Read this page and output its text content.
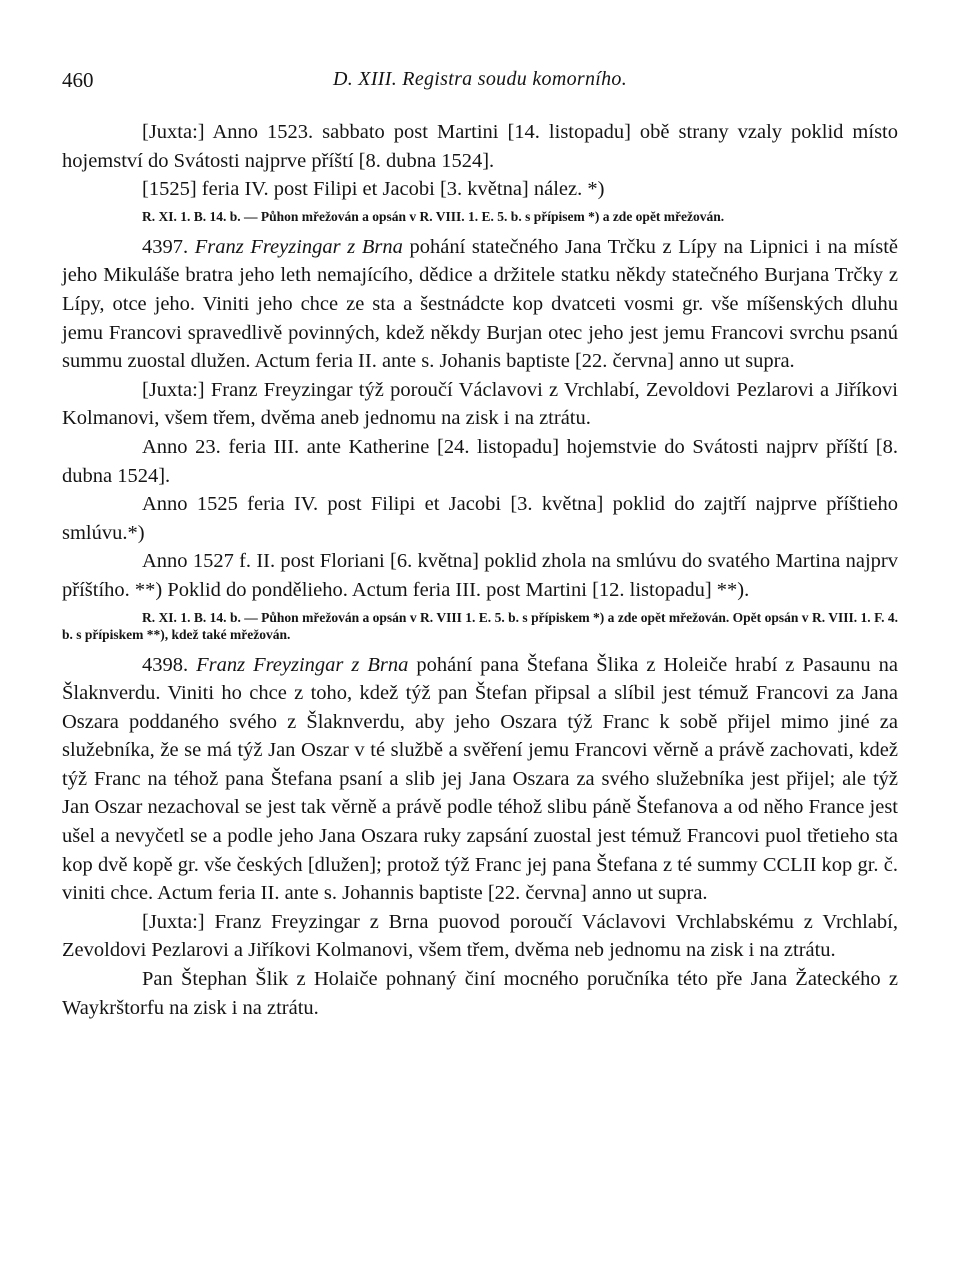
460	D. XIII. Registra soudu komorního.

[Juxta:] Anno 1523. sabbato post Martini [14. listopadu] obě strany vzaly poklid místo hojemství do Svátosti najprve příští [8. dubna 1524].

[1525] feria IV. post Filipi et Jacobi [3. května] nález. *)

R. XI. 1. B. 14. b. — Půhon mřežován a opsán v R. VIII. 1. E. 5. b. s přípisem *) a zde opět mřežován.

4397. Franz Freyzingar z Brna pohání statečného Jana Trčku z Lípy na Lipnici i na místě jeho Mikuláše bratra jeho leth nemajícího, dědice a držitele statku někdy statečného Burjana Trčky z Lípy, otce jeho. Viniti jeho chce ze sta a šestnádcte kop dvatceti vosmi gr. vše míšenských dluhu jemu Francovi spravedlivě povinných, kdež někdy Burjan otec jeho jest jemu Francovi svrchu psanú summu zuostal dlužen. Actum feria II. ante s. Johanis baptiste [22. června] anno ut supra.

[Juxta:] Franz Freyzingar týž poroučí Václavovi z Vrchlabí, Zevoldovi Pezlarovi a Jiříkovi Kolmanovi, všem třem, dvěma aneb jednomu na zisk i na ztrátu.

Anno 23. feria III. ante Katherine [24. listopadu] hojemstvie do Svátosti najprv příští [8. dubna 1524].

Anno 1525 feria IV. post Filipi et Jacobi [3. května] poklid do zajtří najprve příštieho smlúvu.*)

Anno 1527 f. II. post Floriani [6. května] poklid zhola na smlúvu do svatého Martina najprv příštího. **) Poklid do pondělieho. Actum feria III. post Martini [12. listopadu] **).

R. XI. 1. B. 14. b. — Půhon mřežován a opsán v R. VIII 1. E. 5. b. s přípiskem *) a zde opět mřežován. Opět opsán v R. VIII. 1. F. 4. b. s přípiskem **), kdež také mřežován.

4398. Franz Freyzingar z Brna pohání pana Štefana Šlika z Holeiče hrabí z Pasaunu na Šlaknverdu. Viniti ho chce z toho, kdež týž pan Štefan připsal a slíbil jest témuž Francovi za Jana Oszara poddaného svého z Šlaknverdu, aby jeho Oszara týž Franc k sobě přijel mimo jiné za služebníka, že se má týž Jan Oszar v té službě a svěření jemu Francovi věrně a právě zachovati, kdež týž Franc na téhož pana Štefana psaní a slib jej Jana Oszara za svého služebníka jest přijel; ale týž Jan Oszar nezachoval se jest tak věrně a právě podle téhož slibu páně Štefanova a od něho France jest ušel a nevyčetl se a podle jeho Jana Oszara ruky zapsání zuostal jest témuž Francovi puol třetieho sta kop dvě kopě gr. vše českých [dlužen]; protož týž Franc jej pana Štefana z té summy CCLII kop gr. č. viniti chce. Actum feria II. ante s. Johannis baptiste [22. června] anno ut supra.

[Juxta:] Franz Freyzingar z Brna puovod poroučí Václavovi Vrchlabskému z Vrchlabí, Zevoldovi Pezlarovi a Jiříkovi Kolmanovi, všem třem, dvěma neb jednomu na zisk i na ztrátu.

Pan Štephan Šlik z Holaiče pohnaný činí mocného poručníka této pře Jana Žateckého z Waykrštorfu na zisk i na ztrátu.
